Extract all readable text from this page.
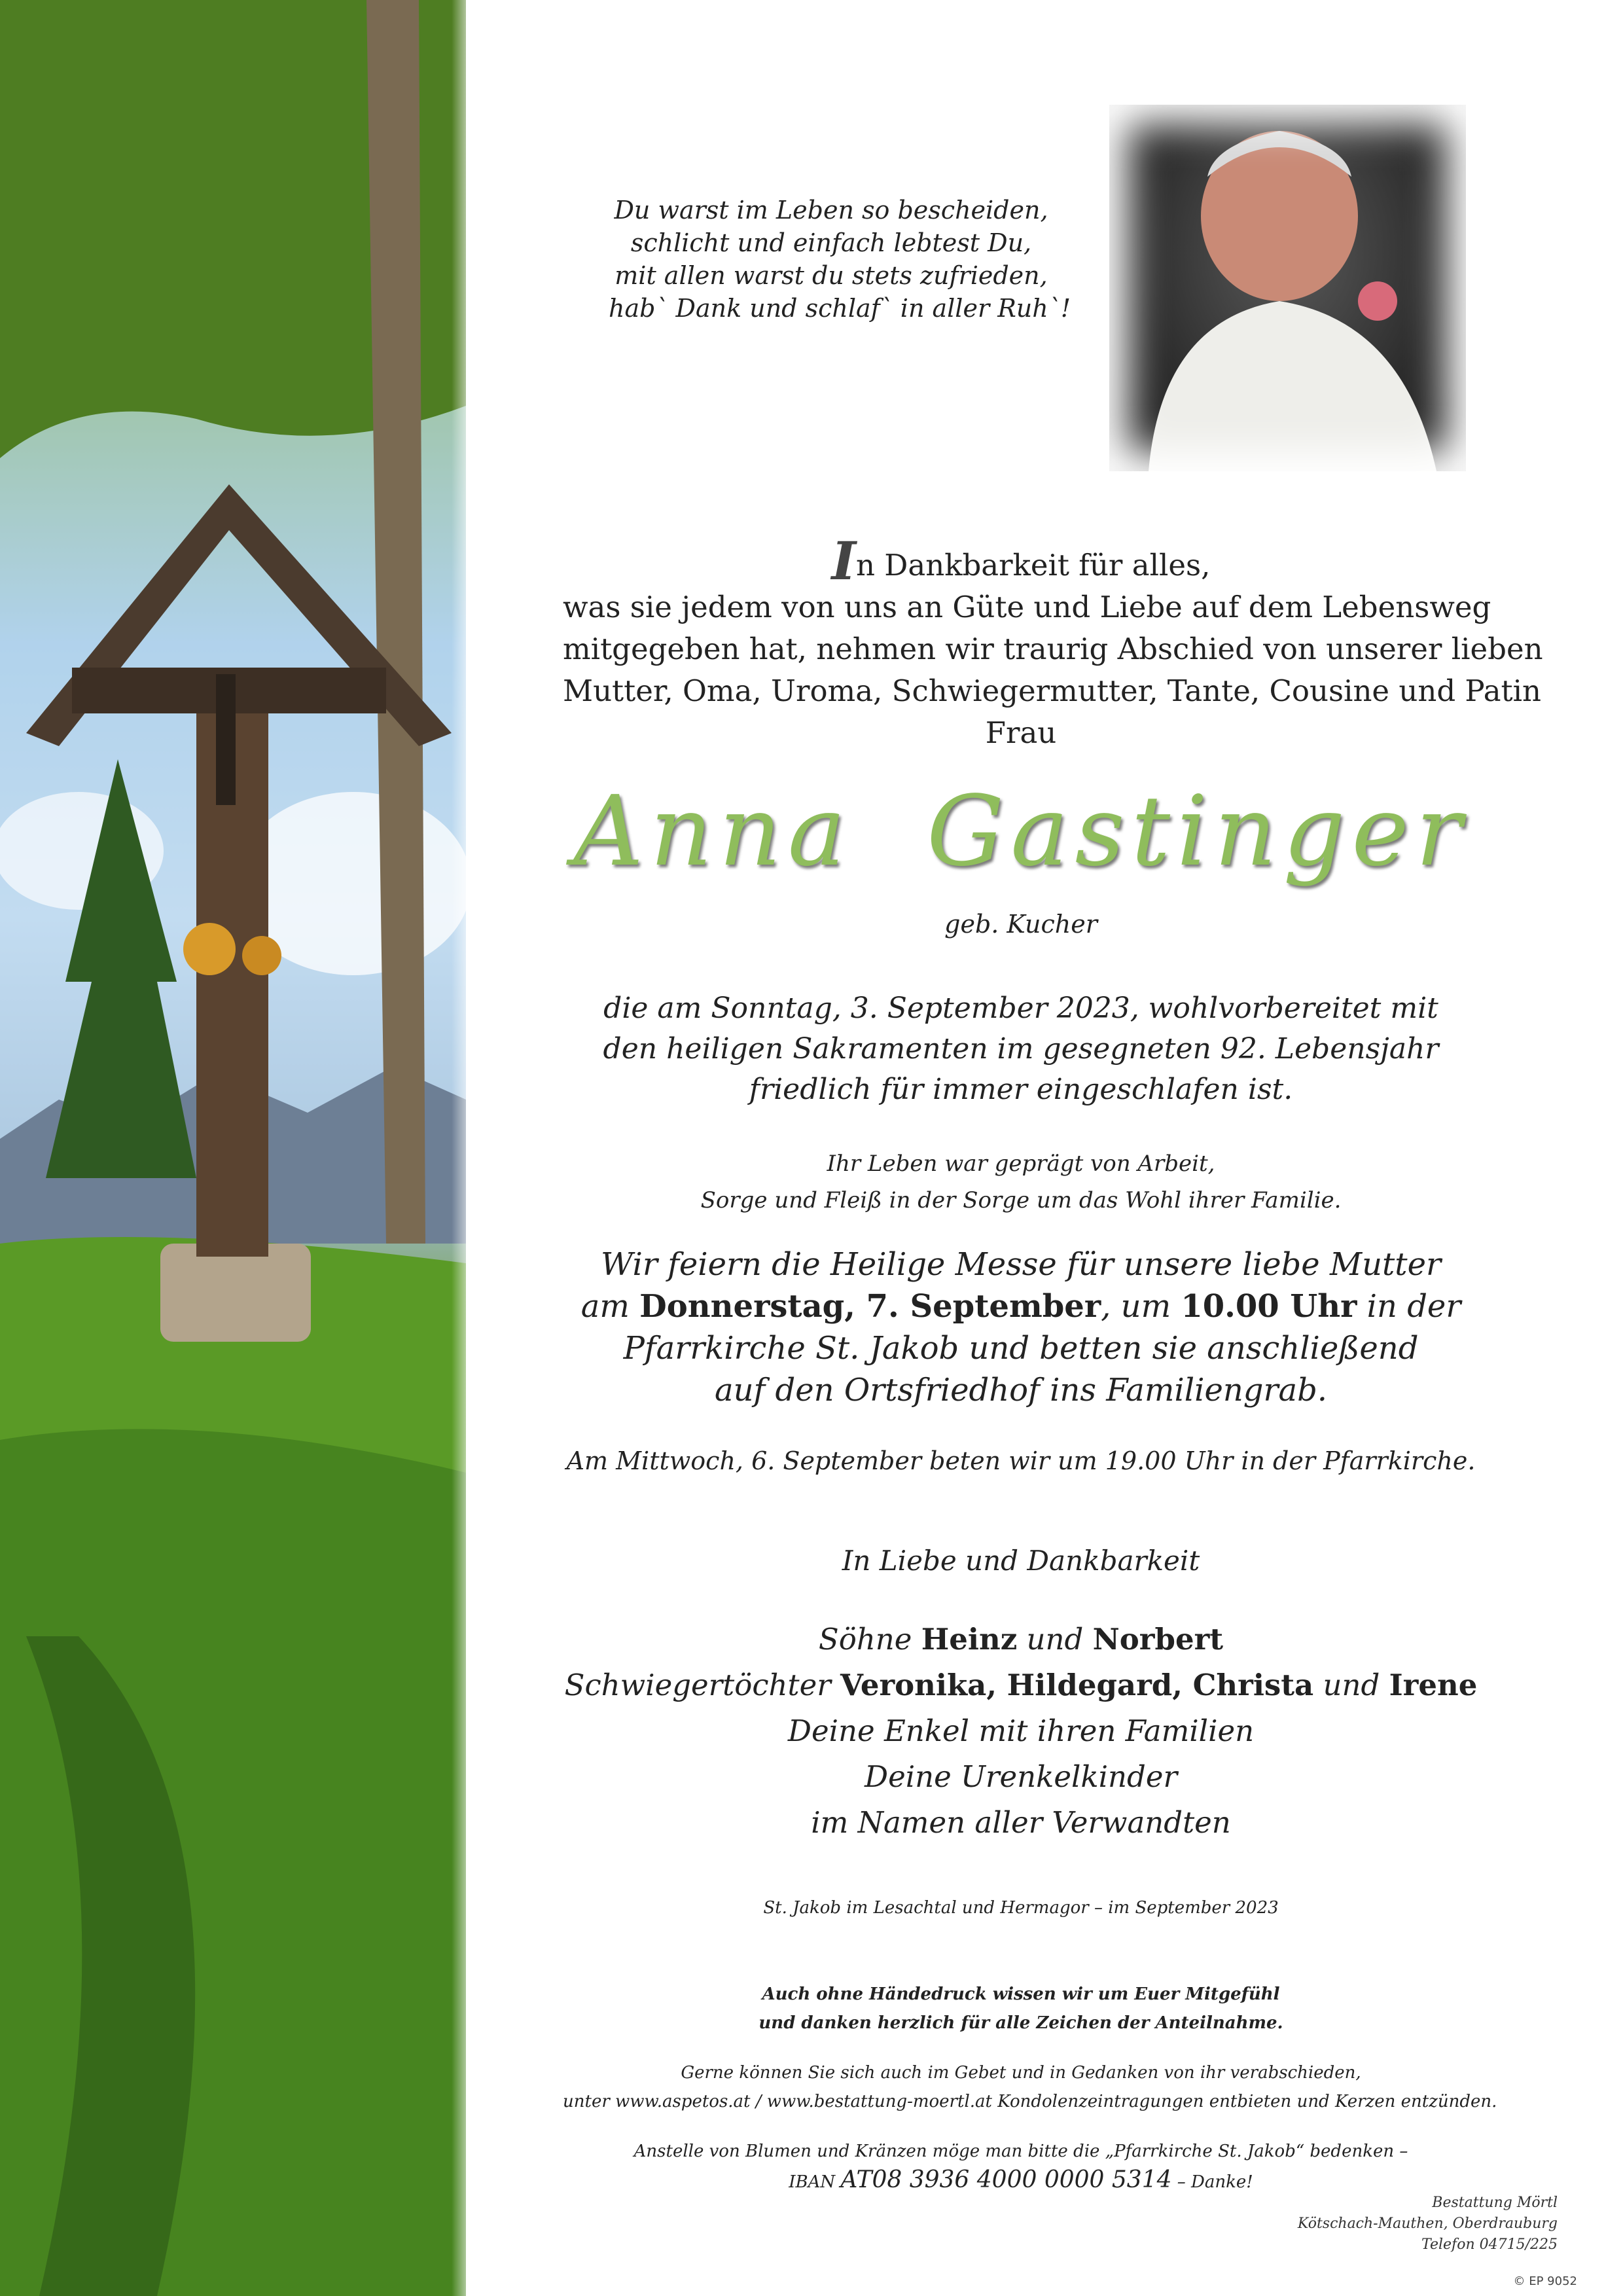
Du warst im Leben so bescheiden,
schlicht und einfach lebtest Du,
mit allen warst du stets zufrieden,
hab` Dank und schlaf` in aller Ruh`!
In Dankbarkeit für alles,
was sie jedem von uns an Güte und Liebe auf dem Lebensweg
mitgegeben hat, nehmen wir traurig Abschied von unserer lieben
Mutter, Oma, Uroma, Schwiegermutter, Tante, Cousine und Patin
Frau
Anna  Gastinger
geb. Kucher
die am Sonntag, 3. September 2023, wohlvorbereitet mit
den heiligen Sakramenten im gesegneten 92. Lebensjahr
friedlich für immer eingeschlafen ist.
Ihr Leben war geprägt von Arbeit,
Sorge und Fleiß in der Sorge um das Wohl ihrer Familie.
Wir feiern die Heilige Messe für unsere liebe Mutter
am Donnerstag, 7. September, um 10.00 Uhr in der
Pfarrkirche St. Jakob und betten sie anschließend
auf den Ortsfriedhof ins Familiengrab.
Am Mittwoch, 6. September beten wir um 19.00 Uhr in der Pfarrkirche.
In Liebe und Dankbarkeit
Söhne Heinz und Norbert
Schwiegertöchter Veronika, Hildegard, Christa und Irene
Deine Enkel mit ihren Familien
Deine Urenkelkinder
im Namen aller Verwandten
St. Jakob im Lesachtal und Hermagor – im September 2023
Auch ohne Händedruck wissen wir um Euer Mitgefühl
und danken herzlich für alle Zeichen der Anteilnahme.
Gerne können Sie sich auch im Gebet und in Gedanken von ihr verabschieden,
unter www.aspetos.at / www.bestattung-moertl.at Kondolenzeintragungen entbieten und Kerzen entzünden.
Anstelle von Blumen und Kränzen möge man bitte die „Pfarrkirche St. Jakob“ bedenken –
IBAN AT08 3936 4000 0000 5314 – Danke!
Bestattung Mörtl
Kötschach-Mauthen, Oberdrauburg
Telefon 04715/225
© EP 9052
